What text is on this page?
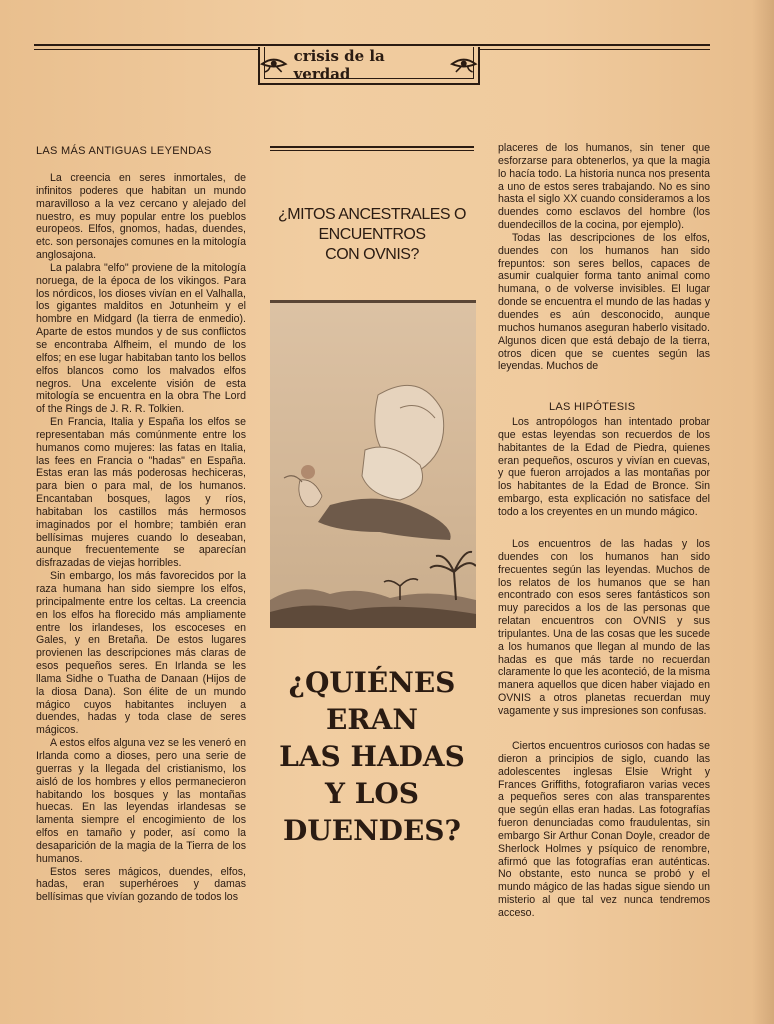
crisis de la verdad
LAS MÁS ANTIGUAS LEYENDAS

La creencia en seres inmortales, de infinitos poderes que habitan un mundo maravilloso a la vez cercano y alejado del nuestro, es muy popular entre los pueblos europeos. Elfos, gnomos, hadas, duendes, etc. son personajes comunes en la mitología anglosajona.

La palabra "elfo" proviene de la mitología noruega, de la época de los vikingos. Para los nórdicos, los dioses vivían en el Valhalla, los gigantes malditos en Jotunheim y el hombre en Midgard (la tierra de enmedio). Aparte de estos mundos y de sus conflictos se encontraba Alfheim, el mundo de los elfos; en ese lugar habitaban tanto los bellos elfos blancos como los malvados elfos negros. Una excelente visión de esta mitología se encuentra en la obra The Lord of the Rings de J. R. R. Tolkien.

En Francia, Italia y España los elfos se representaban más comúnmente entre los humanos como mujeres: las fatas en Italia, las fees en Francia o "hadas" en España. Estas eran las más poderosas hechiceras, para bien o para mal, de los humanos. Encantaban bosques, lagos y ríos, habitaban los castillos más hermosos imaginados por el hombre; también eran bellísimas mujeres cuando lo deseaban, aunque frecuentemente se aparecían disfrazadas de viejas horribles.

Sin embargo, los más favorecidos por la raza humana han sido siempre los elfos, principalmente entre los celtas. La creencia en los elfos ha florecido más ampliamente entre los irlandeses, los escoceses en Gales, y en Bretaña. De estos lugares provienen las descripciones más claras de esos pequeños seres. En Irlanda se les llama Sidhe o Tuatha de Danaan (Hijos de la diosa Dana). Son élite de un mundo mágico cuyos habitantes incluyen a duendes, hadas y toda clase de seres mágicos.

A estos elfos alguna vez se les veneró en Irlanda como a dioses, pero una serie de guerras y la llegada del cristianismo, los aisló de los hombres y ellos permanecieron habitando los bosques y las montañas huecas. En las leyendas irlandesas se lamenta siempre el encogimiento de los elfos en tamaño y poder, así como la desaparición de la magia de la Tierra de los humanos.

Estos seres mágicos, duendes, elfos, hadas, eran superhéroes y damas bellísimas que vivían gozando de todos los

¿MITOS ANCESTRALES O
ENCUENTROS
CON OVNIS?
¿QUIÉNES
ERAN
LAS HADAS
Y LOS
DUENDES?

placeres de los humanos, sin tener que esforzarse para obtenerlos, ya que la magia lo hacía todo. La historia nunca nos presenta a uno de estos seres trabajando. No es sino hasta el siglo XX cuando consideramos a los duendes como esclavos del hombre (los duendecillos de la cocina, por ejemplo).

Todas las descripciones de los elfos, duendes con los humanos han sido frepuntos: son seres bellos, capaces de asumir cualquier forma tanto animal como humana, o de volverse invisibles. El lugar donde se encuentra el mundo de las hadas y duendes es aún desconocido, aunque muchos humanos aseguran haberlo visitado. Algunos dicen que está debajo de la tierra, otros dicen que se cuentes según las leyendas. Muchos de

LAS HIPÓTESIS

Los antropólogos han intentado probar que estas leyendas son recuerdos de los habitantes de la Edad de Piedra, quienes eran pequeños, oscuros y vivían en cuevas, y que fueron arrojados a las montañas por los habitantes de la Edad de Bronce. Sin embargo, esta explicación no satisface del todo a los creyentes en un mundo mágico.

Los encuentros de las hadas y los duendes con los humanos han sido frecuentes según las leyendas. Muchos de los relatos de los humanos que se han encontrado con esos seres fantásticos son muy parecidos a los de las personas que relatan encuentros con OVNIS y sus tripulantes. Una de las cosas que les sucede a los humanos que llegan al mundo de las hadas es que más tarde no recuerdan claramente lo que les aconteció, de la misma manera aquellos que dicen haber viajado en OVNIS a otros planetas recuerdan muy vagamente y sus impresiones son confusas.

Ciertos encuentros curiosos con hadas se dieron a principios de siglo, cuando las adolescentes inglesas Elsie Wright y Frances Griffiths, fotografiaron varias veces a pequeños seres con alas transparentes que según ellas eran hadas. Las fotografías fueron denunciadas como fraudulentas, sin embargo Sir Arthur Conan Doyle, creador de Sherlock Holmes y psíquico de renombre, afirmó que las fotografías eran auténticas. No obstante, esto nunca se probó y el mundo mágico de las hadas sigue siendo un misterio al que tal vez nunca tendremos acceso.
